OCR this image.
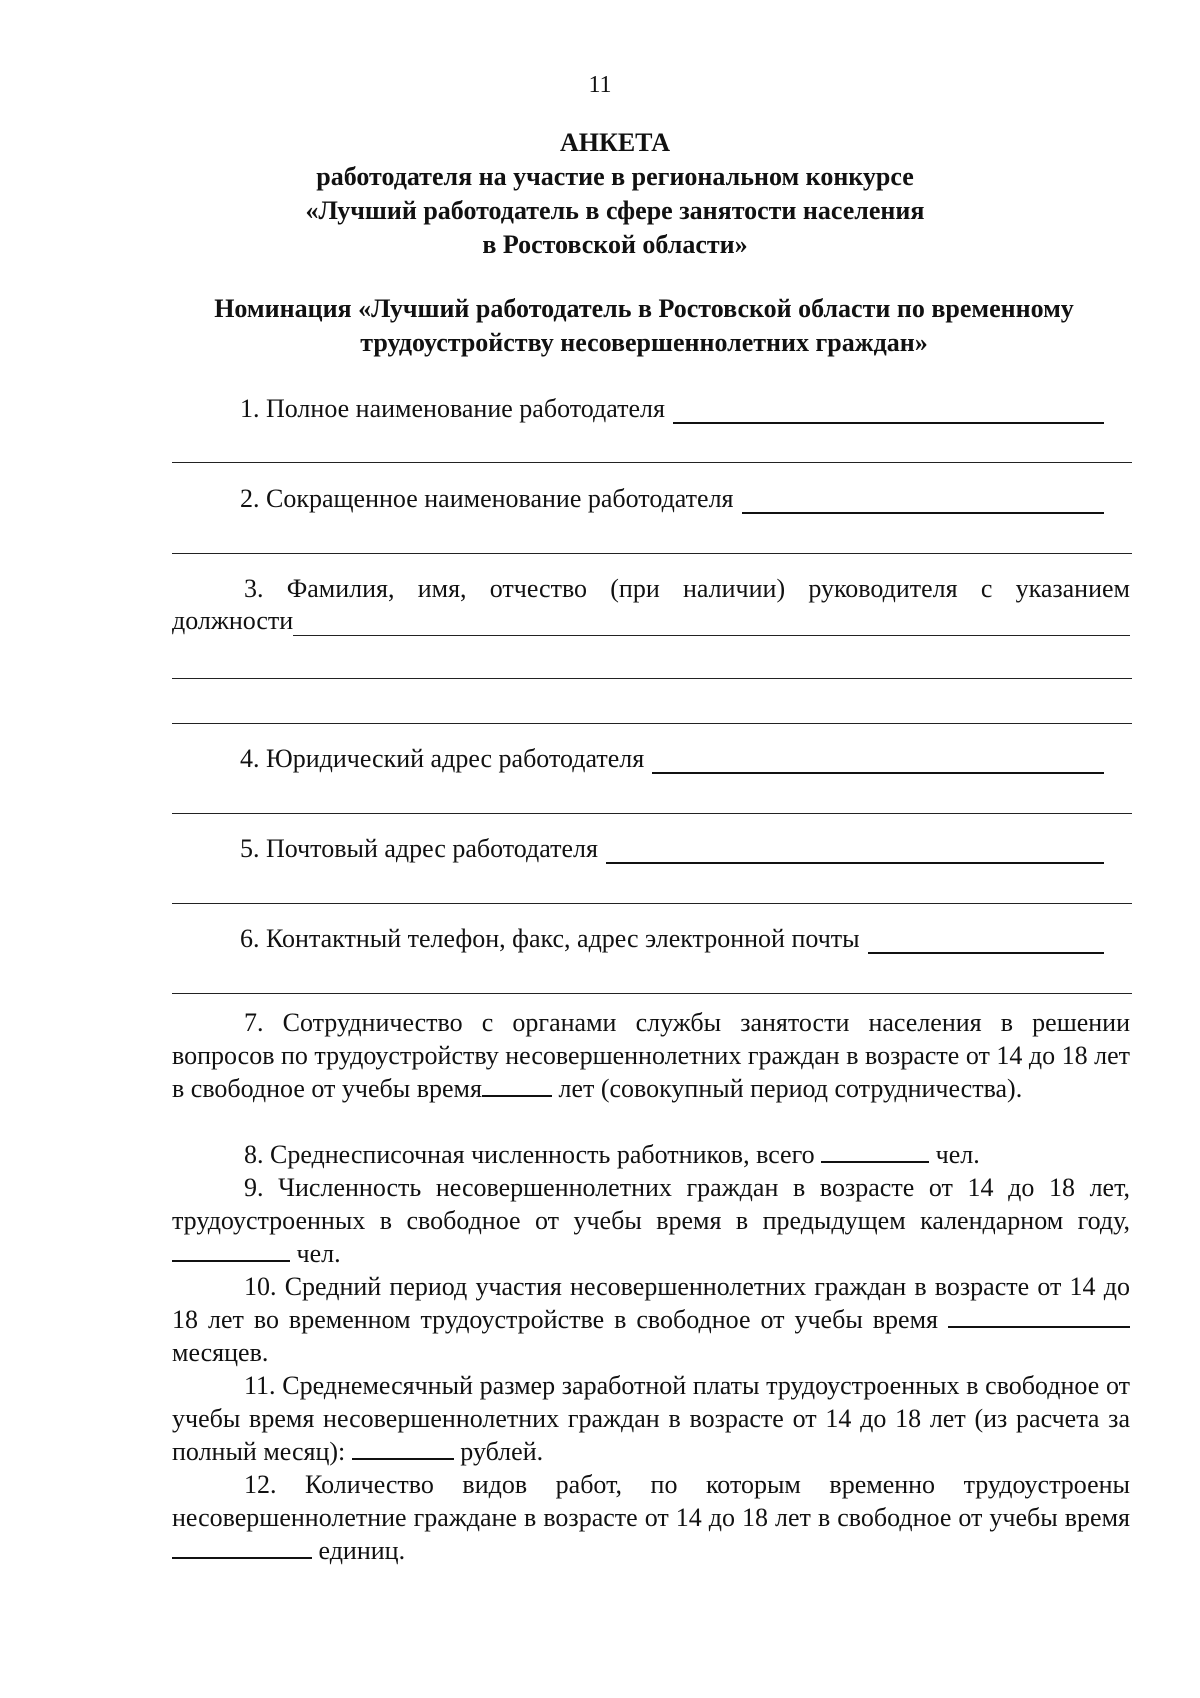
11
АНКЕТА
работодателя на участие в региональном конкурсе
«Лучший работодатель в сфере занятости населения
в Ростовской области»
Номинация «Лучший работодатель в Ростовской области по временному
трудоустройству несовершеннолетних граждан»
1. Полное наименование работодателя
2. Сокращенное наименование работодателя
3. Фамилия, имя, отчество (при наличии) руководителя с указанием
должности
4. Юридический адрес работодателя
5. Почтовый адрес работодателя
6. Контактный телефон, факс, адрес электронной почты
7. Сотрудничество с органами службы занятости населения в решении вопросов по трудоустройству несовершеннолетних граждан в возрасте от 14 до 18 лет в свободное от учебы время	лет (совокупный период сотрудничества).
8. Среднесписочная численность работников, всего	чел.
9. Численность несовершеннолетних граждан в возрасте от 14 до 18 лет, трудоустроенных в свободное от учебы время в предыдущем календарном году,  чел.
10. Средний период участия несовершеннолетних граждан в возрасте от 14 до 18 лет во временном трудоустройстве в свободное от учебы время  месяцев.
11. Среднемесячный размер заработной платы трудоустроенных в свободное от учебы время несовершеннолетних граждан в возрасте от 14 до 18 лет (из расчета за полный месяц):	рублей.
12. Количество видов работ, по которым временно трудоустроены несовершеннолетние граждане в возрасте от 14 до 18 лет в свободное от учебы время  единиц.
